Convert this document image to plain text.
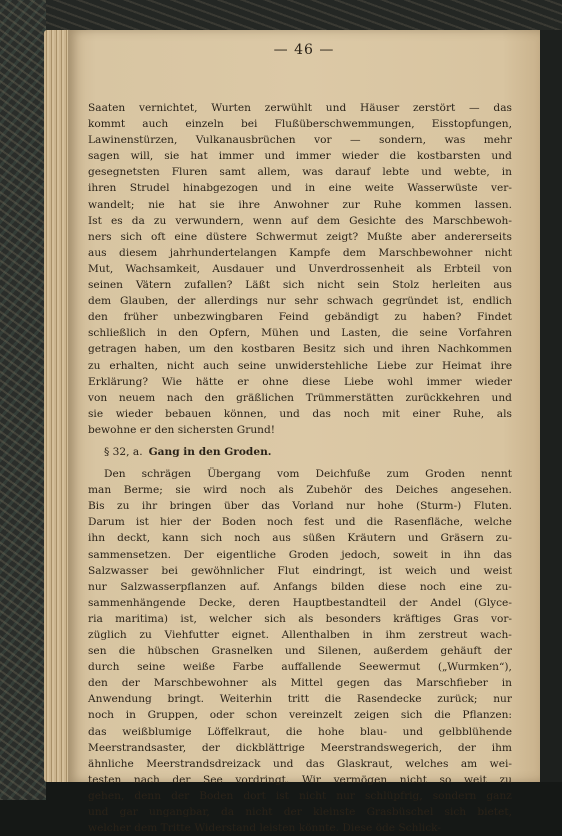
— 46 —
Saaten vernichtet, Wurten zerwühlt und Häuser zerstört — das
kommt auch einzeln bei Flußüberschwemmungen, Eisstopfungen,
Lawinenstürzen, Vulkanausbrüchen vor — sondern, was mehr
sagen will, sie hat immer und immer wieder die kostbarsten und
gesegnetsten Fluren samt allem, was darauf lebte und webte, in
ihren Strudel hinabgezogen und in eine weite Wasserwüste ver-
wandelt; nie hat sie ihre Anwohner zur Ruhe kommen lassen.
Ist es da zu verwundern, wenn auf dem Gesichte des Marschbewoh-
ners sich oft eine düstere Schwermut zeigt? Mußte aber andererseits
aus diesem jahrhundertelangen Kampfe dem Marschbewohner nicht
Mut, Wachsamkeit, Ausdauer und Unverdrossenheit als Erbteil von
seinen Vätern zufallen? Läßt sich nicht sein Stolz herleiten aus
dem Glauben, der allerdings nur sehr schwach gegründet ist, endlich
den früher unbezwingbaren Feind gebändigt zu haben? Findet
schließlich in den Opfern, Mühen und Lasten, die seine Vorfahren
getragen haben, um den kostbaren Besitz sich und ihren Nachkommen
zu erhalten, nicht auch seine unwiderstehliche Liebe zur Heimat ihre
Erklärung? Wie hätte er ohne diese Liebe wohl immer wieder
von neuem nach den gräßlichen Trümmerstätten zurückkehren und
sie wieder bebauen können, und das noch mit einer Ruhe, als
bewohne er den sichersten Grund!
§ 32, a. Gang in den Groden.
Den schrägen Übergang vom Deichfuße zum Groden nennt
man Berme; sie wird noch als Zubehör des Deiches angesehen.
Bis zu ihr bringen über das Vorland nur hohe (Sturm-) Fluten.
Darum ist hier der Boden noch fest und die Rasenfläche, welche
ihn deckt, kann sich noch aus süßen Kräutern und Gräsern zu-
sammensetzen. Der eigentliche Groden jedoch, soweit in ihn das
Salzwasser bei gewöhnlicher Flut eindringt, ist weich und weist
nur Salzwasserpflanzen auf. Anfangs bilden diese noch eine zu-
sammenhängende Decke, deren Hauptbestandteil der Andel (Glyce-
ria maritima) ist, welcher sich als besonders kräftiges Gras vor-
züglich zu Viehfutter eignet. Allenthalben in ihm zerstreut wach-
sen die hübschen Grasnelken und Silenen, außerdem gehäuft der
durch seine weiße Farbe auffallende Seewermut („Wurmken“),
den der Marschbewohner als Mittel gegen das Marschfieber in
Anwendung bringt. Weiterhin tritt die Rasendecke zurück; nur
noch in Gruppen, oder schon vereinzelt zeigen sich die Pflanzen:
das weißblumige Löffelkraut, die hohe blau- und gelbblühende
Meerstrandsaster, der dickblättrige Meerstrandswegerich, der ihm
ähnliche Meerstrandsdreizack und das Glaskraut, welches am wei-
testen nach der See vordringt. Wir vermögen nicht so weit zu
gehen, denn der Boden dort ist nicht nur schlüpfrig, sondern ganz
und gar ungangbar, da nicht der kleinste Grasbüschel sich bietet,
welcher dem Tritte Widerstand leisten könnte. Diese öde Schlick-
